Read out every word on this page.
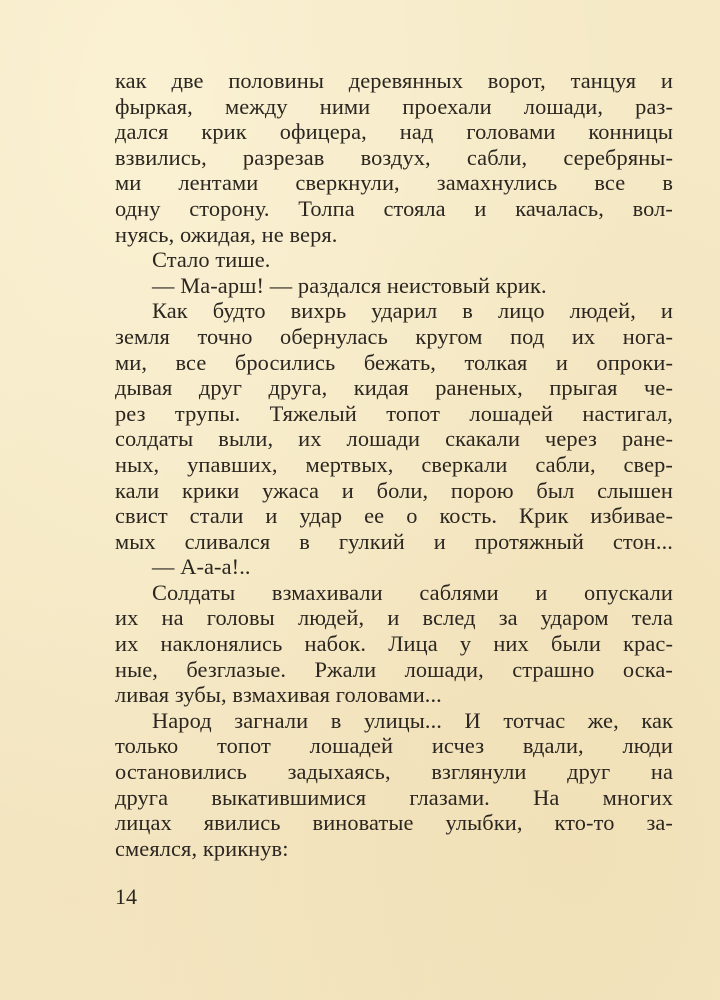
как две половины деревянных ворот, танцуя и
фыркая, между ними проехали лошади, раз-
дался крик офицера, над головами конницы
взвились, разрезав воздух, сабли, серебряны-
ми лентами сверкнули, замахнулись все в
одну сторону. Толпа стояла и качалась, вол-
нуясь, ожидая, не веря.
Стало тише.
— Ма-арш! — раздался неистовый крик.
Как будто вихрь ударил в лицо людей, и
земля точно обернулась кругом под их нога-
ми, все бросились бежать, толкая и опроки-
дывая друг друга, кидая раненых, прыгая че-
рез трупы. Тяжелый топот лошадей настигал,
солдаты выли, их лошади скакали через ране-
ных, упавших, мертвых, сверкали сабли, свер-
кали крики ужаса и боли, порою был слышен
свист стали и удар ее о кость. Крик избивае-
мых сливался в гулкий и протяжный стон...
— А-а-а!..
Солдаты взмахивали саблями и опускали
их на головы людей, и вслед за ударом тела
их наклонялись набок. Лица у них были крас-
ные, безглазые. Ржали лошади, страшно оска-
ливая зубы, взмахивая головами...
Народ загнали в улицы... И тотчас же, как
только топот лошадей исчез вдали, люди
остановились задыхаясь, взглянули друг на
друга выкатившимися глазами. На многих
лицах явились виноватые улыбки, кто-то за-
смеялся, крикнув:
14
